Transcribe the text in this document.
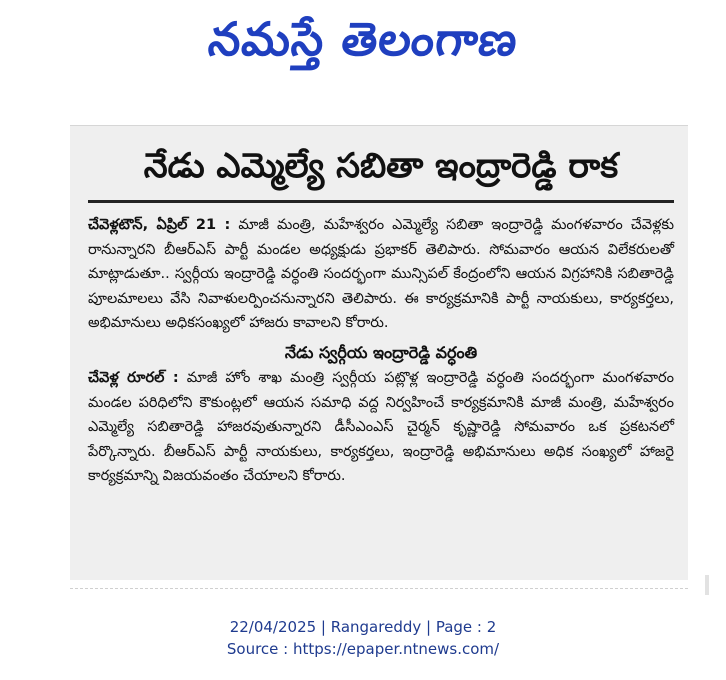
నమస్తే తెలంగాణ
నేడు ఎమ్మెల్యే సబితా ఇంద్రారెడ్డి రాక

చేవెళ్లటౌన్, ఏప్రిల్ 21 : మాజీ మంత్రి, మహేశ్వరం ఎమ్మెల్యే సబితా ఇంద్రారెడ్డి మంగళవారం చేవెళ్లకు రానున్నారని బీఆర్ఎస్ పార్టీ మండల అధ్యక్షుడు ప్రభాకర్ తెలిపారు. సోమవారం ఆయన విలేకరులతో మాట్లాడుతూ.. స్వర్గీయ ఇంద్రారెడ్డి వర్ధంతి సందర్భంగా మున్సిపల్ కేంద్రంలోని ఆయన విగ్రహానికి సబితారెడ్డి పూలమాలలు వేసి నివాళులర్పించనున్నారని తెలిపారు. ఈ కార్యక్రమానికి పార్టీ నాయకులు, కార్యకర్తలు, అభిమానులు అధికసంఖ్యలో హాజరు కావాలని కోరారు.

నేడు స్వర్గీయ ఇంద్రారెడ్డి వర్ధంతి

చేవెళ్ల రూరల్ : మాజీ హోం శాఖ మంత్రి స్వర్గీయ పట్లొళ్ల ఇంద్రారెడ్డి వర్ధంతి సందర్భంగా మంగళవారం మండల పరిధిలోని కౌకుంట్లలో ఆయన సమాధి వద్ద నిర్వహించే కార్యక్రమానికి మాజీ మంత్రి, మహేశ్వరం ఎమ్మెల్యే సబితారెడ్డి హాజరవుతున్నారని డీసీఎంఎస్ చైర్మన్ కృష్ణారెడ్డి సోమవారం ఒక ప్రకటనలో పేర్కొన్నారు. బీఆర్ఎస్ పార్టీ నాయకులు, కార్యకర్తలు, ఇంద్రారెడ్డి అభిమానులు అధిక సంఖ్యలో హాజరై కార్యక్రమాన్ని విజయవంతం చేయాలని కోరారు.

22/04/2025 | Rangareddy | Page : 2
Source : https://epaper.ntnews.com/
